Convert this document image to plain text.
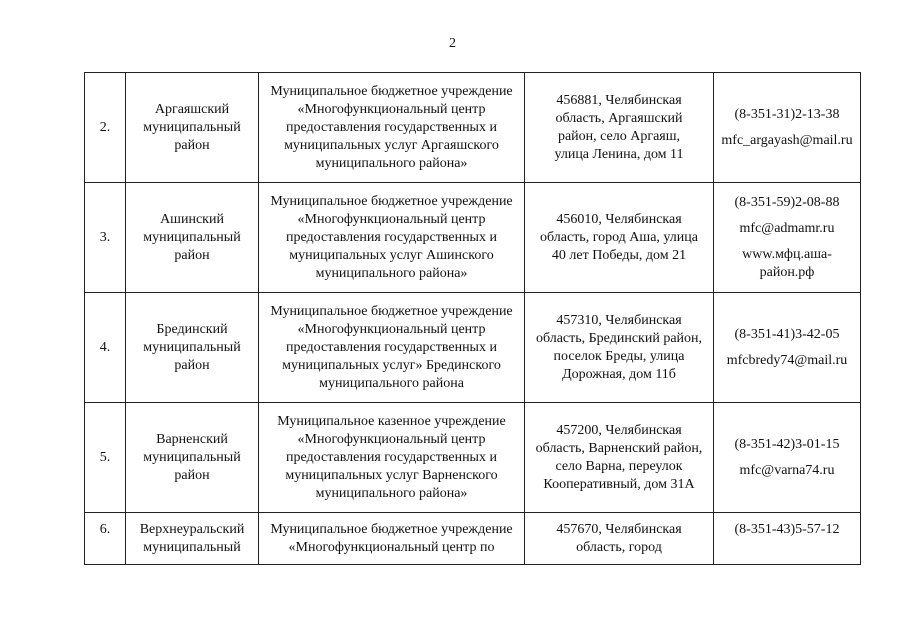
2
2.	Аргаяшский
муниципальный
район	Муниципальное бюджетное учреждение
«Многофункциональный центр
предоставления государственных и
муниципальных услуг Аргаяшского
муниципального района»	456881, Челябинская
область, Аргаяшский
район, село Аргаяш,
улица Ленина, дом 11	(8-351-31)2-13-38
mfc_argayash@mail.ru

3.	Ашинский
муниципальный
район	Муниципальное бюджетное учреждение
«Многофункциональный центр
предоставления государственных и
муниципальных услуг Ашинского
муниципального района»	456010, Челябинская
область, город Аша, улица
40 лет Победы, дом 21	(8-351-59)2-08-88
mfc@admamr.ru
www.мфц.аша-
район.рф

4.	Брединский
муниципальный
район	Муниципальное бюджетное учреждение
«Многофункциональный центр
предоставления государственных и
муниципальных услуг» Брединского
муниципального района	457310, Челябинская
область, Брединский район,
поселок Бреды, улица
Дорожная, дом 11б	(8-351-41)3-42-05
mfcbredy74@mail.ru

5.	Варненский
муниципальный
район	Муниципальное казенное учреждение
«Многофункциональный центр
предоставления государственных и
муниципальных услуг Варненского
муниципального района»	457200, Челябинская
область, Варненский район,
село Варна, переулок
Кооперативный, дом 31А	(8-351-42)3-01-15
mfc@varna74.ru

6.	Верхнеуральский
муниципальный	Муниципальное бюджетное учреждение
«Многофункциональный центр по	457670, Челябинская
область, город	(8-351-43)5-57-12
